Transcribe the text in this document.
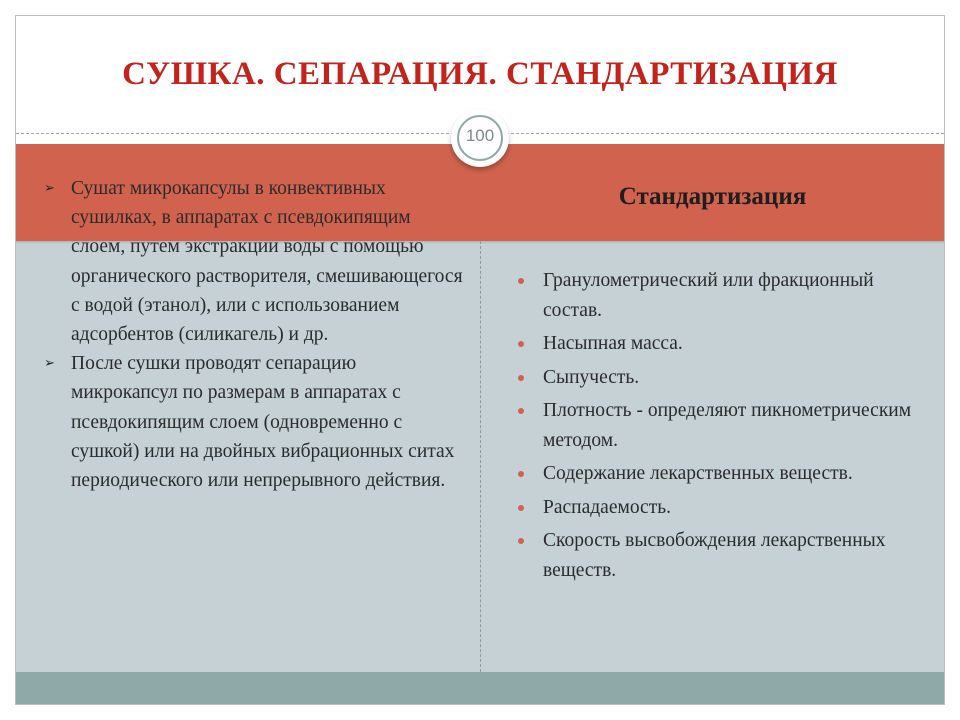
СУШКА. СЕПАРАЦИЯ. СТАНДАРТИЗАЦИЯ
100
➢ Сушат микрокапсулы в конвективных сушилках, в аппаратах с псевдокипящим слоем, путем экстракции воды с помощью органического растворителя, смешивающегося с водой (этанол), или с использованием адсорбентов (силикагель) и др.
➢ После сушки проводят сепарацию микрокапсул по размерам в аппаратах с псевдокипящим слоем (одновременно с сушкой) или на двойных вибрационных ситах периодического или непрерывного действия.
Стандартизация
Гранулометрический или фракционный состав.
Насыпная масса.
Сыпучесть.
Плотность - определяют пикнометрическим методом.
Содержание лекарственных веществ.
Распадаемость.
Скорость высвобождения лекарственных веществ.
